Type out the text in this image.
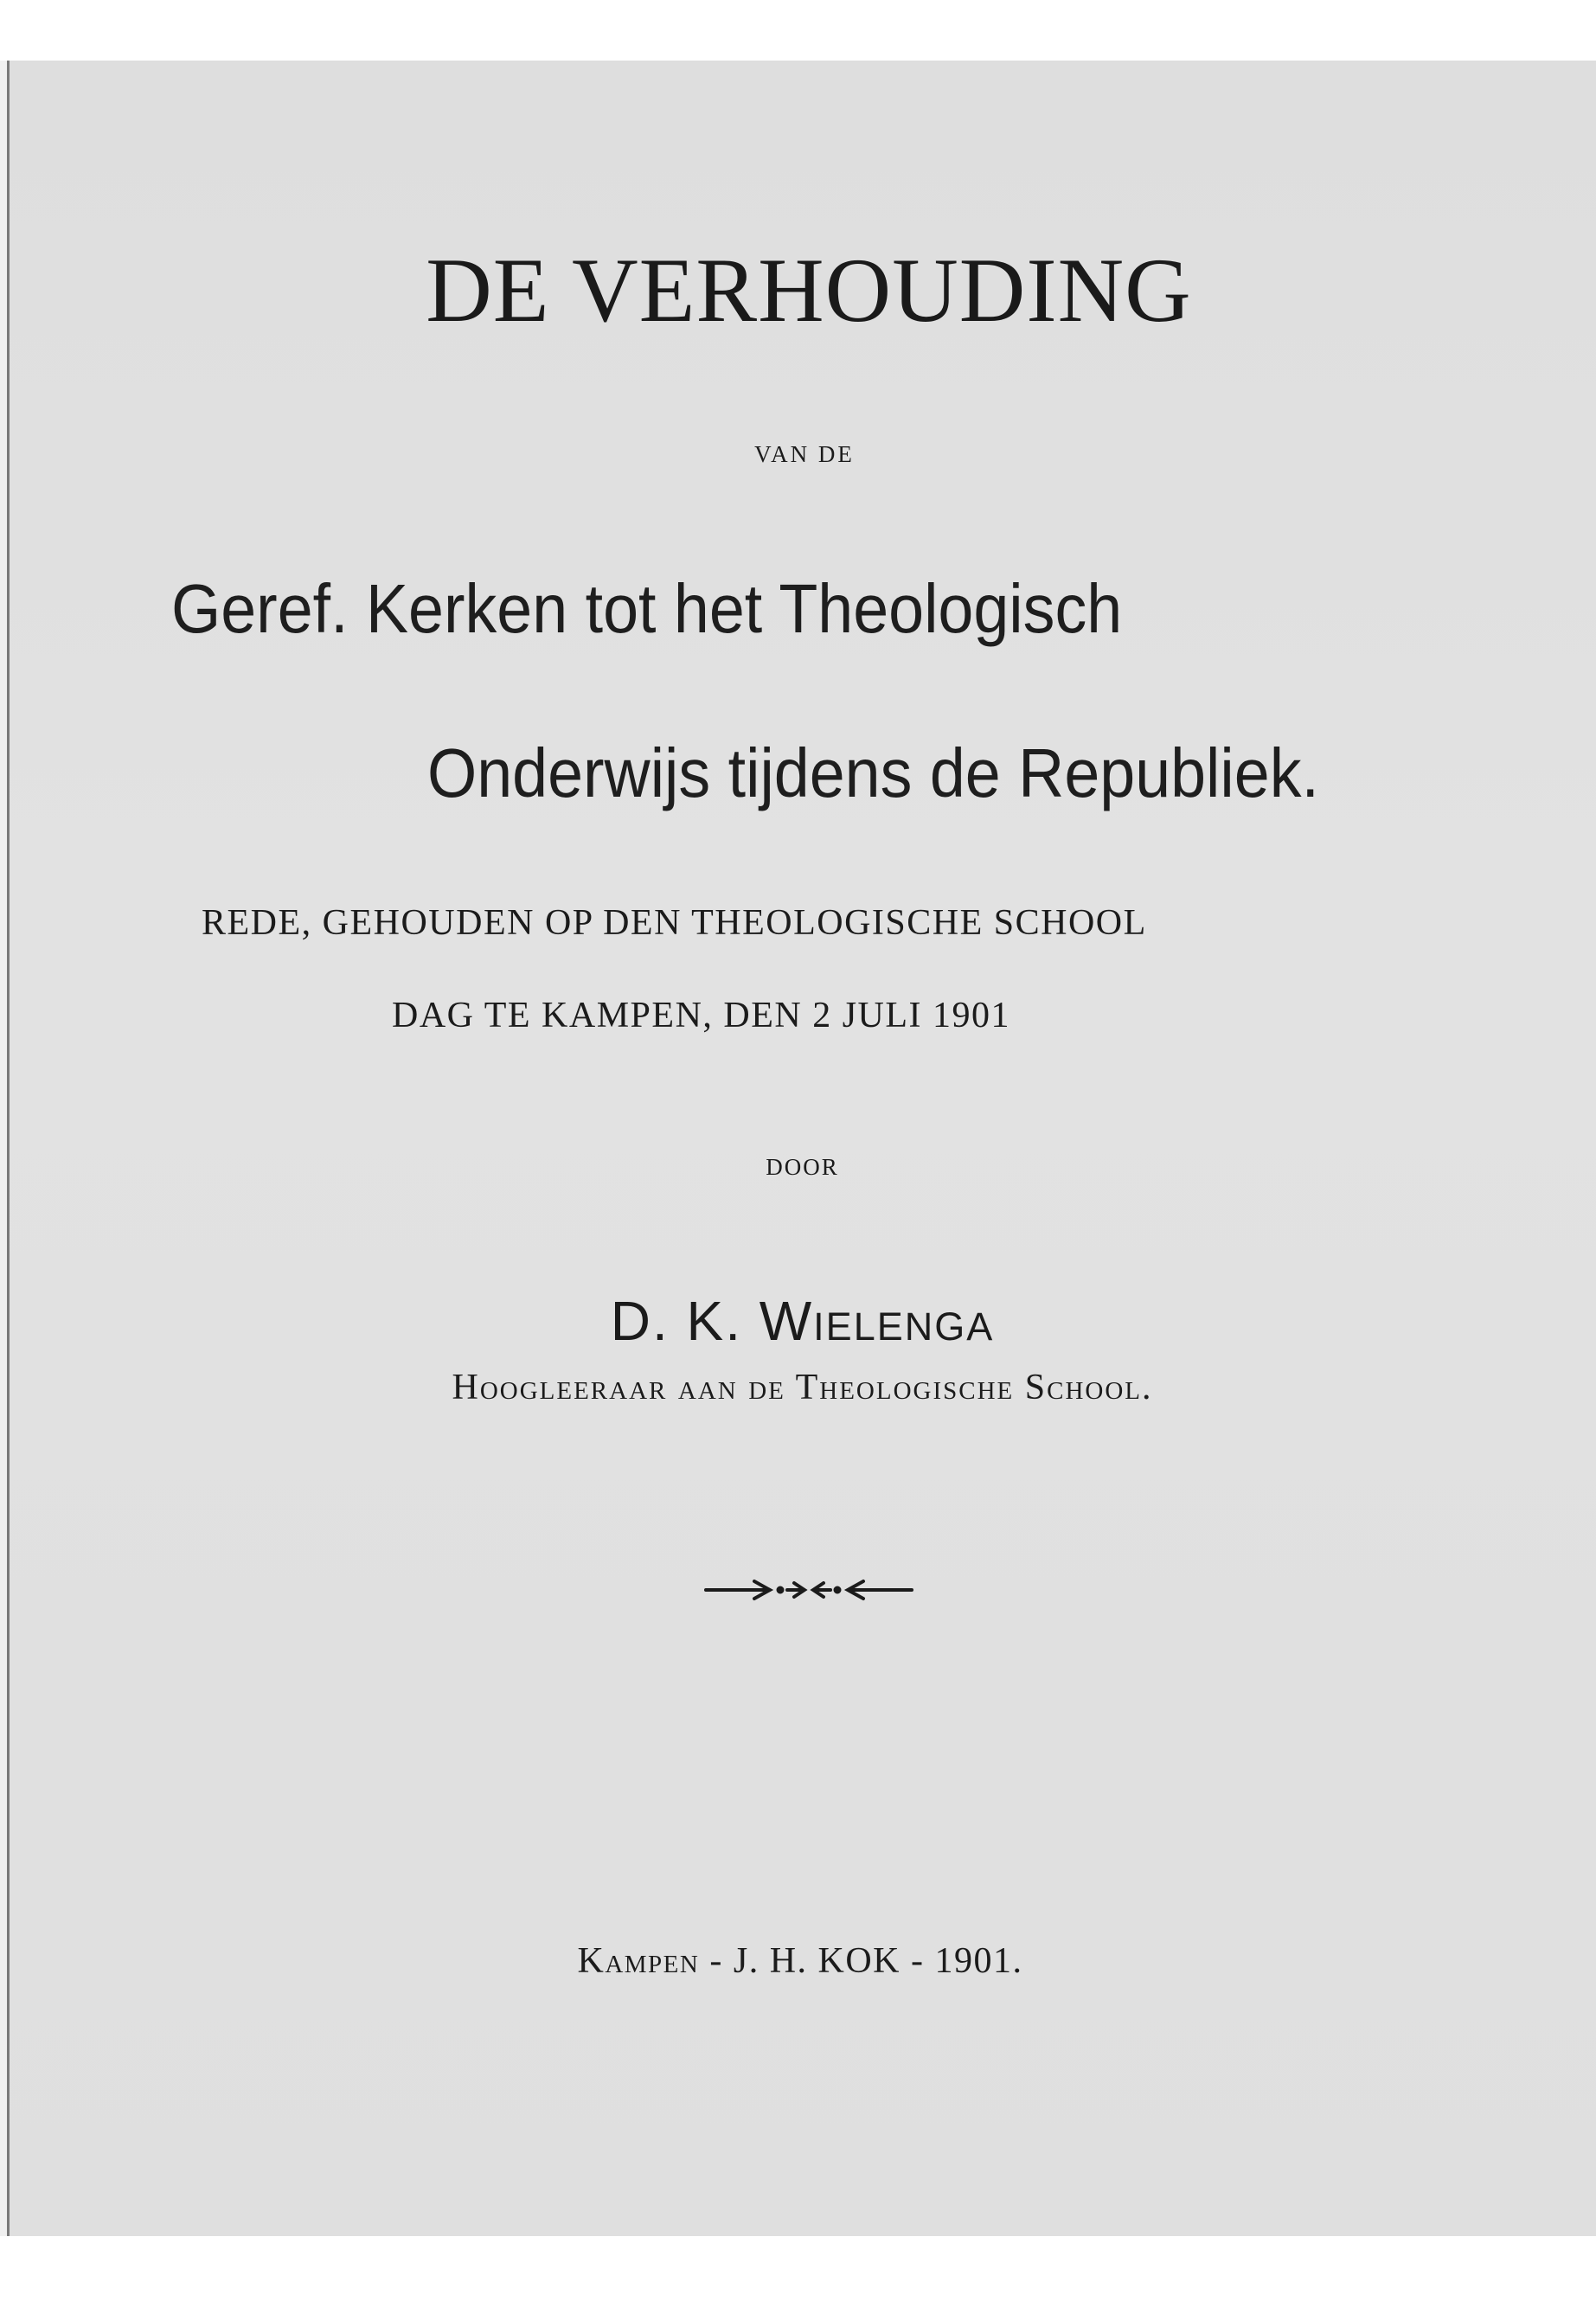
DE VERHOUDING
VAN DE
Geref. Kerken tot het Theologisch
Onderwijs tijdens de Republiek.
REDE, GEHOUDEN OP DEN THEOLOGISCHE SCHOOL
DAG TE KAMPEN, DEN 2 JULI 1901
DOOR
D. K. Wielenga
Hoogleeraar aan de Theologische School.
Kampen - J. H. KOK - 1901.
